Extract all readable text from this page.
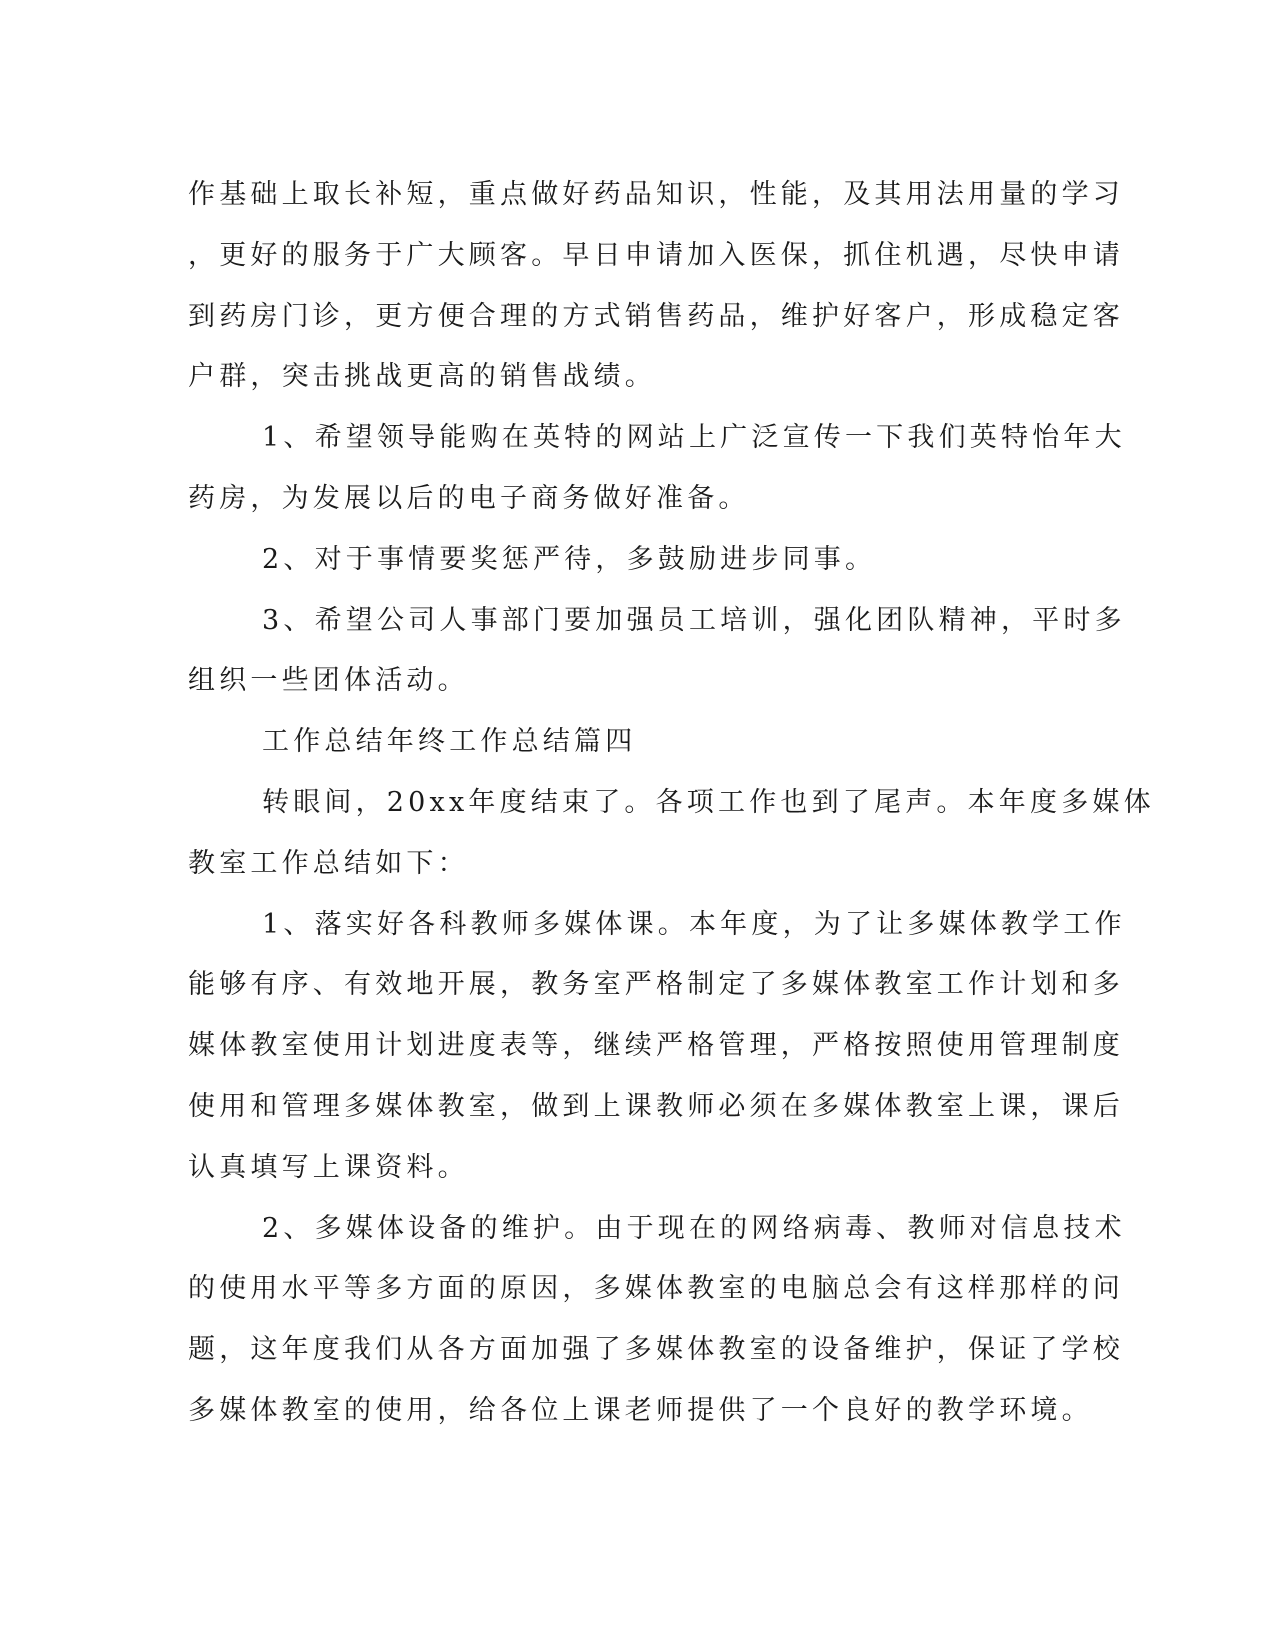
作基础上取长补短，重点做好药品知识，性能，及其用法用量的学习
，更好的服务于广大顾客。早日申请加入医保，抓住机遇，尽快申请
到药房门诊，更方便合理的方式销售药品，维护好客户，形成稳定客
户群，突击挑战更高的销售战绩。
1、希望领导能购在英特的网站上广泛宣传一下我们英特怡年大
药房，为发展以后的电子商务做好准备。
2、对于事情要奖惩严待，多鼓励进步同事。
3、希望公司人事部门要加强员工培训，强化团队精神，平时多
组织一些团体活动。
工作总结年终工作总结篇四
转眼间，20xx年度结束了。各项工作也到了尾声。本年度多媒体
教室工作总结如下：
1、落实好各科教师多媒体课。本年度，为了让多媒体教学工作
能够有序、有效地开展，教务室严格制定了多媒体教室工作计划和多
媒体教室使用计划进度表等，继续严格管理，严格按照使用管理制度
使用和管理多媒体教室，做到上课教师必须在多媒体教室上课，课后
认真填写上课资料。
2、多媒体设备的维护。由于现在的网络病毒、教师对信息技术
的使用水平等多方面的原因，多媒体教室的电脑总会有这样那样的问
题，这年度我们从各方面加强了多媒体教室的设备维护，保证了学校
多媒体教室的使用，给各位上课老师提供了一个良好的教学环境。
